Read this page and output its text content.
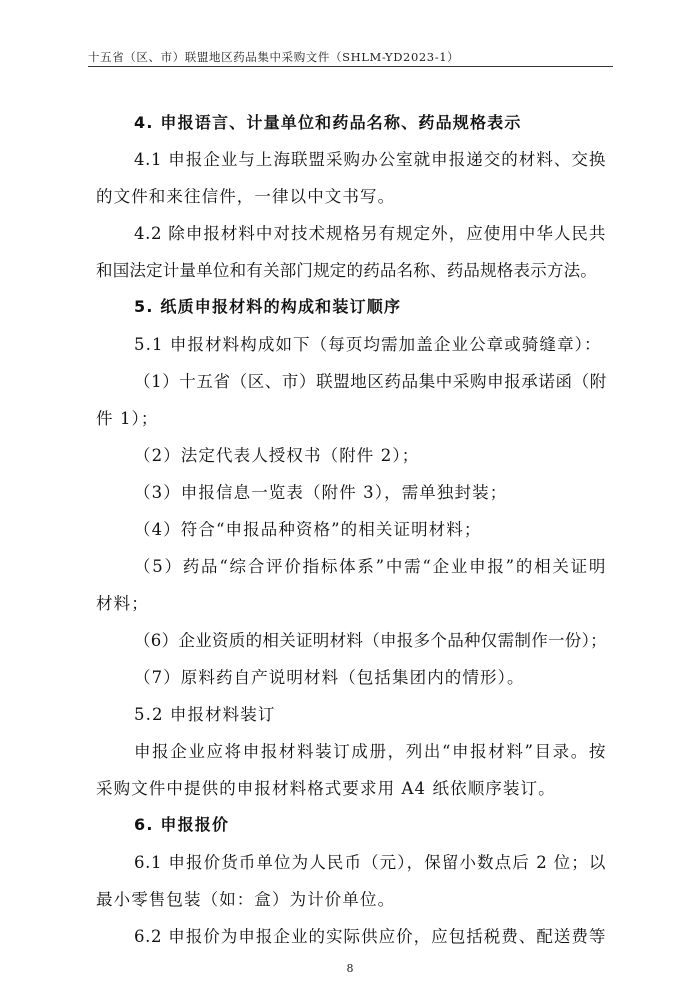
十五省（区、市）联盟地区药品集中采购文件（SHLM-YD2023-1）
4. 申报语言、计量单位和药品名称、药品规格表示
4.1 申报企业与上海联盟采购办公室就申报递交的材料、交换
的文件和来往信件，一律以中文书写。
4.2 除申报材料中对技术规格另有规定外，应使用中华人民共
和国法定计量单位和有关部门规定的药品名称、药品规格表示方法。
5. 纸质申报材料的构成和装订顺序
5.1 申报材料构成如下（每页均需加盖企业公章或骑缝章）：
（1）十五省（区、市）联盟地区药品集中采购申报承诺函（附
件 1）；
（2）法定代表人授权书（附件 2）；
（3）申报信息一览表（附件 3），需单独封装；
（4）符合“申报品种资格”的相关证明材料；
（5）药品“综合评价指标体系”中需“企业申报”的相关证明
材料；
（6）企业资质的相关证明材料（申报多个品种仅需制作一份）；
（7）原料药自产说明材料（包括集团内的情形）。
5.2 申报材料装订
申报企业应将申报材料装订成册，列出“申报材料”目录。按
采购文件中提供的申报材料格式要求用 A4 纸依顺序装订。
6. 申报报价
6.1 申报价货币单位为人民币（元），保留小数点后 2 位；以
最小零售包装（如：盒）为计价单位。
6.2 申报价为申报企业的实际供应价，应包括税费、配送费等
8
